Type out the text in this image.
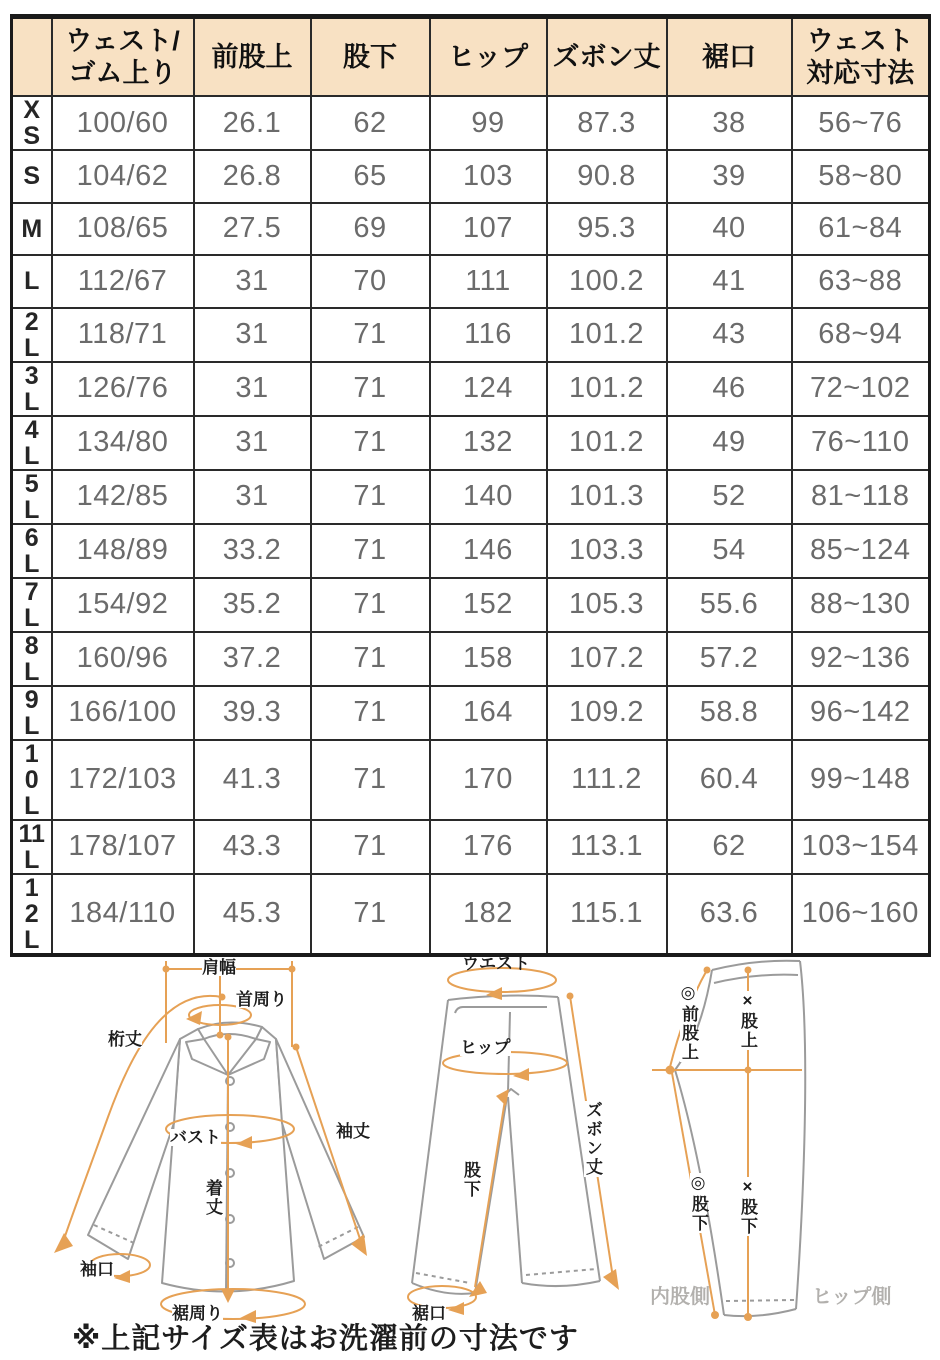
	ウェスト/ゴム上り	前股上	股下	ヒップ	ズボン丈	裾口	ウェスト対応寸法
XS	100/60	26.1	62	99	87.3	38	56~76
S	104/62	26.8	65	103	90.8	39	58~80
M	108/65	27.5	69	107	95.3	40	61~84
L	112/67	31	70	111	100.2	41	63~88
2L	118/71	31	71	116	101.2	43	68~94
3L	126/76	31	71	124	101.2	46	72~102
4L	134/80	31	71	132	101.2	49	76~110
5L	142/85	31	71	140	101.3	52	81~118
6L	148/89	33.2	71	146	103.3	54	85~124
7L	154/92	35.2	71	152	105.3	55.6	88~130
8L	160/96	37.2	71	158	107.2	57.2	92~136
9L	166/100	39.3	71	164	109.2	58.8	96~142
10L	172/103	41.3	71	170	111.2	60.4	99~148
11L	178/107	43.3	71	176	113.1	62	103~154
12L	184/110	45.3	71	182	115.1	63.6	106~160
肩幅
首周り
桁丈
袖丈
バスト
着丈
袖口
裾周り
ウエスト
ヒップ
ズボン丈
股下
裾口
◎前股上 ×股上
◎股下 ×股下
内股側	ヒップ側
※上記サイズ表はお洗濯前の寸法です
